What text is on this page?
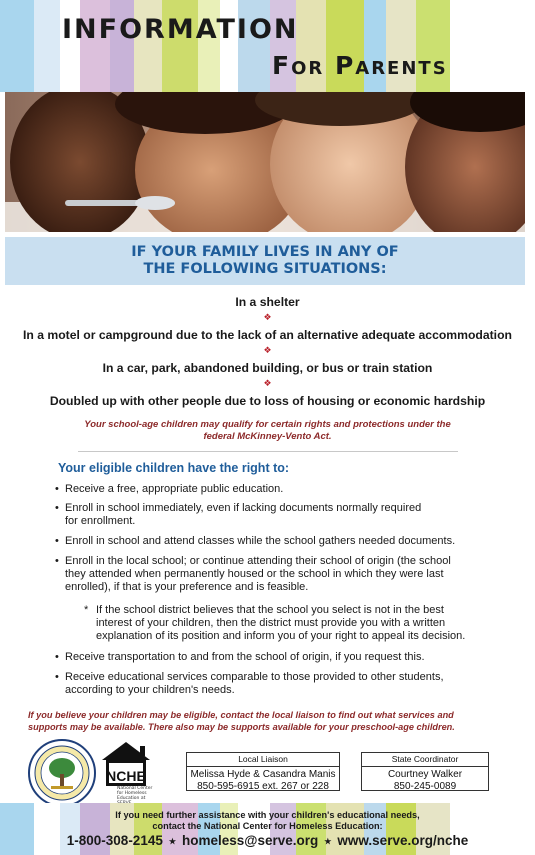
INFORMATION
For Parents
IF YOUR FAMILY LIVES IN ANY OF
THE FOLLOWING SITUATIONS:
In a shelter
❖
In a motel or campground due to the lack of an alternative adequate accommodation
❖
In a car, park, abandoned building, or bus or train station
❖
Doubled up with other people due to loss of housing or economic hardship
Your school-age children may qualify for certain rights and protections under the
federal McKinney-Vento Act.
Your eligible children have the right to:
• Receive a free, appropriate public education.
• Enroll in school immediately, even if lacking documents normally required
for enrollment.
• Enroll in school and attend classes while the school gathers needed documents.
• Enroll in the local school; or continue attending their school of origin (the school
they attended when permanently housed or the school in which they were last
enrolled), if that is your preference and is feasible.
* If the school district believes that the school you select is not in the best
interest of your children, then the district must provide you with a written
explanation of its position and inform you of your right to appeal its decision.
• Receive transportation to and from the school of origin, if you request this.
• Receive educational services comparable to those provided to other students,
according to your children's needs.
If you believe your children may be eligible, contact the local liaison to find out what services and
supports may be available. There also may be supports available for your preschool-age children.
NCHE
National Center for Homeless Education at
Local Liaison
Melissa Hyde & Casandra Manis
850-595-6915 ext. 267 or 228
State Coordinator
Courtney Walker
850-245-0089
If you need further assistance with your children's educational needs,
contact the National Center for Homeless Education:
1-800-308-2145 ★ homeless@serve.org ★ www.serve.org/nche
